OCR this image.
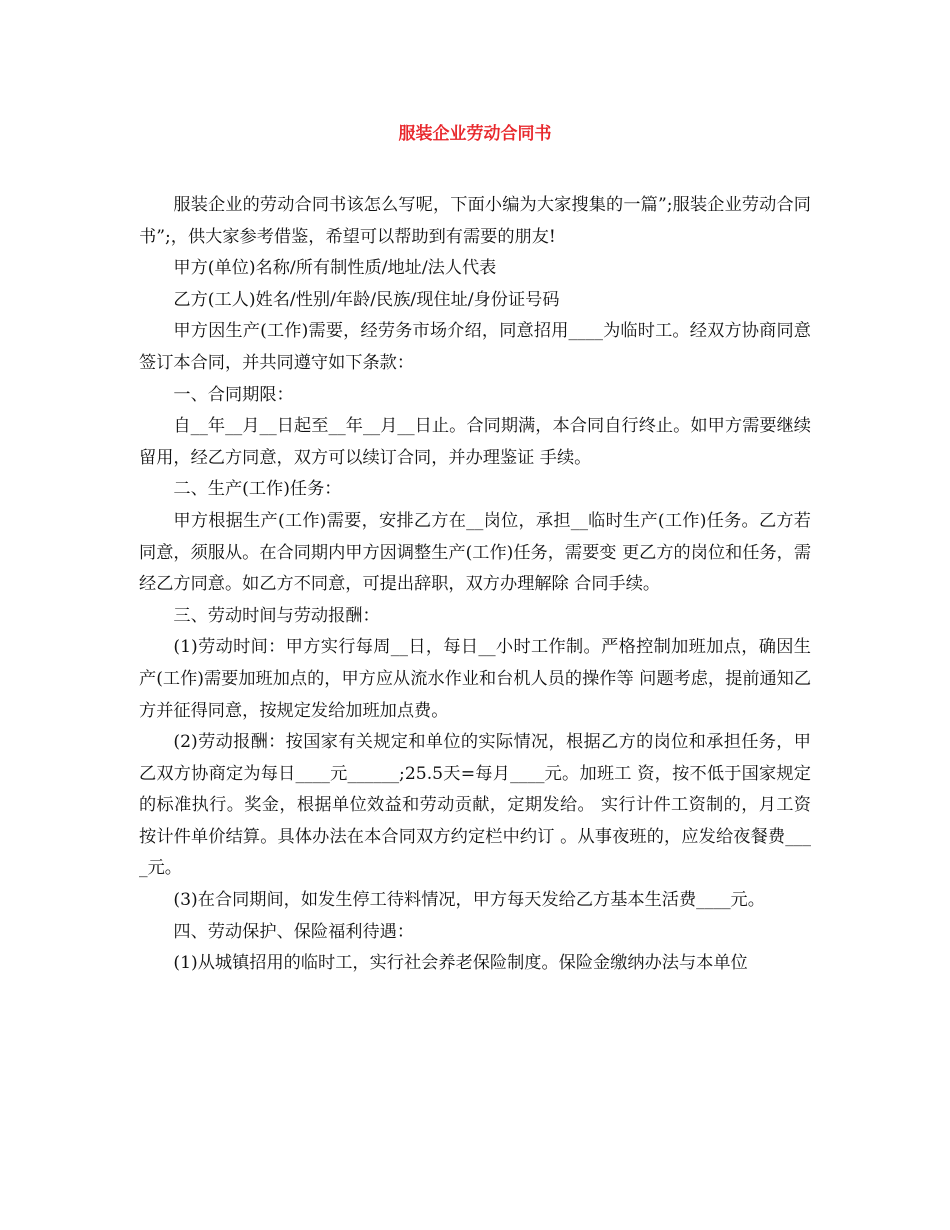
服装企业劳动合同书

服装企业的劳动合同书该怎么写呢，下面小编为大家搜集的一篇”;服装企业劳动合同书”;，供大家参考借鉴，希望可以帮助到有需要的朋友!

甲方(单位)名称/所有制性质/地址/法人代表

乙方(工人)姓名/性别/年龄/民族/现住址/身份证号码

甲方因生产(工作)需要，经劳务市场介绍，同意招用____为临时工。经双方协商同意签订本合同，并共同遵守如下条款：

一、合同期限：

自__年__月__日起至__年__月__日止。合同期满，本合同自行终止。如甲方需要继续留用，经乙方同意，双方可以续订合同，并办理鉴证 手续。

二、生产(工作)任务：

甲方根据生产(工作)需要，安排乙方在__岗位，承担__临时生产(工作)任务。乙方若同意，须服从。在合同期内甲方因调整生产(工作)任务，需要变 更乙方的岗位和任务，需经乙方同意。如乙方不同意，可提出辞职，双方办理解除 合同手续。

三、劳动时间与劳动报酬：

(1)劳动时间：甲方实行每周__日，每日__小时工作制。严格控制加班加点，确因生产(工作)需要加班加点的，甲方应从流水作业和台机人员的操作等 问题考虑，提前通知乙方并征得同意，按规定发给加班加点费。

(2)劳动报酬：按国家有关规定和单位的实际情况，根据乙方的岗位和承担任务，甲乙双方协商定为每日____元______;25.5天=每月____元。加班工 资，按不低于国家规定的标准执行。奖金，根据单位效益和劳动贡献，定期发给。 实行计件工资制的，月工资按计件单价结算。具体办法在本合同双方约定栏中约订 。从事夜班的，应发给夜餐费____元。

(3)在合同期间，如发生停工待料情况，甲方每天发给乙方基本生活费____元。

四、劳动保护、保险福利待遇：

(1)从城镇招用的临时工，实行社会养老保险制度。保险金缴纳办法与本单位
